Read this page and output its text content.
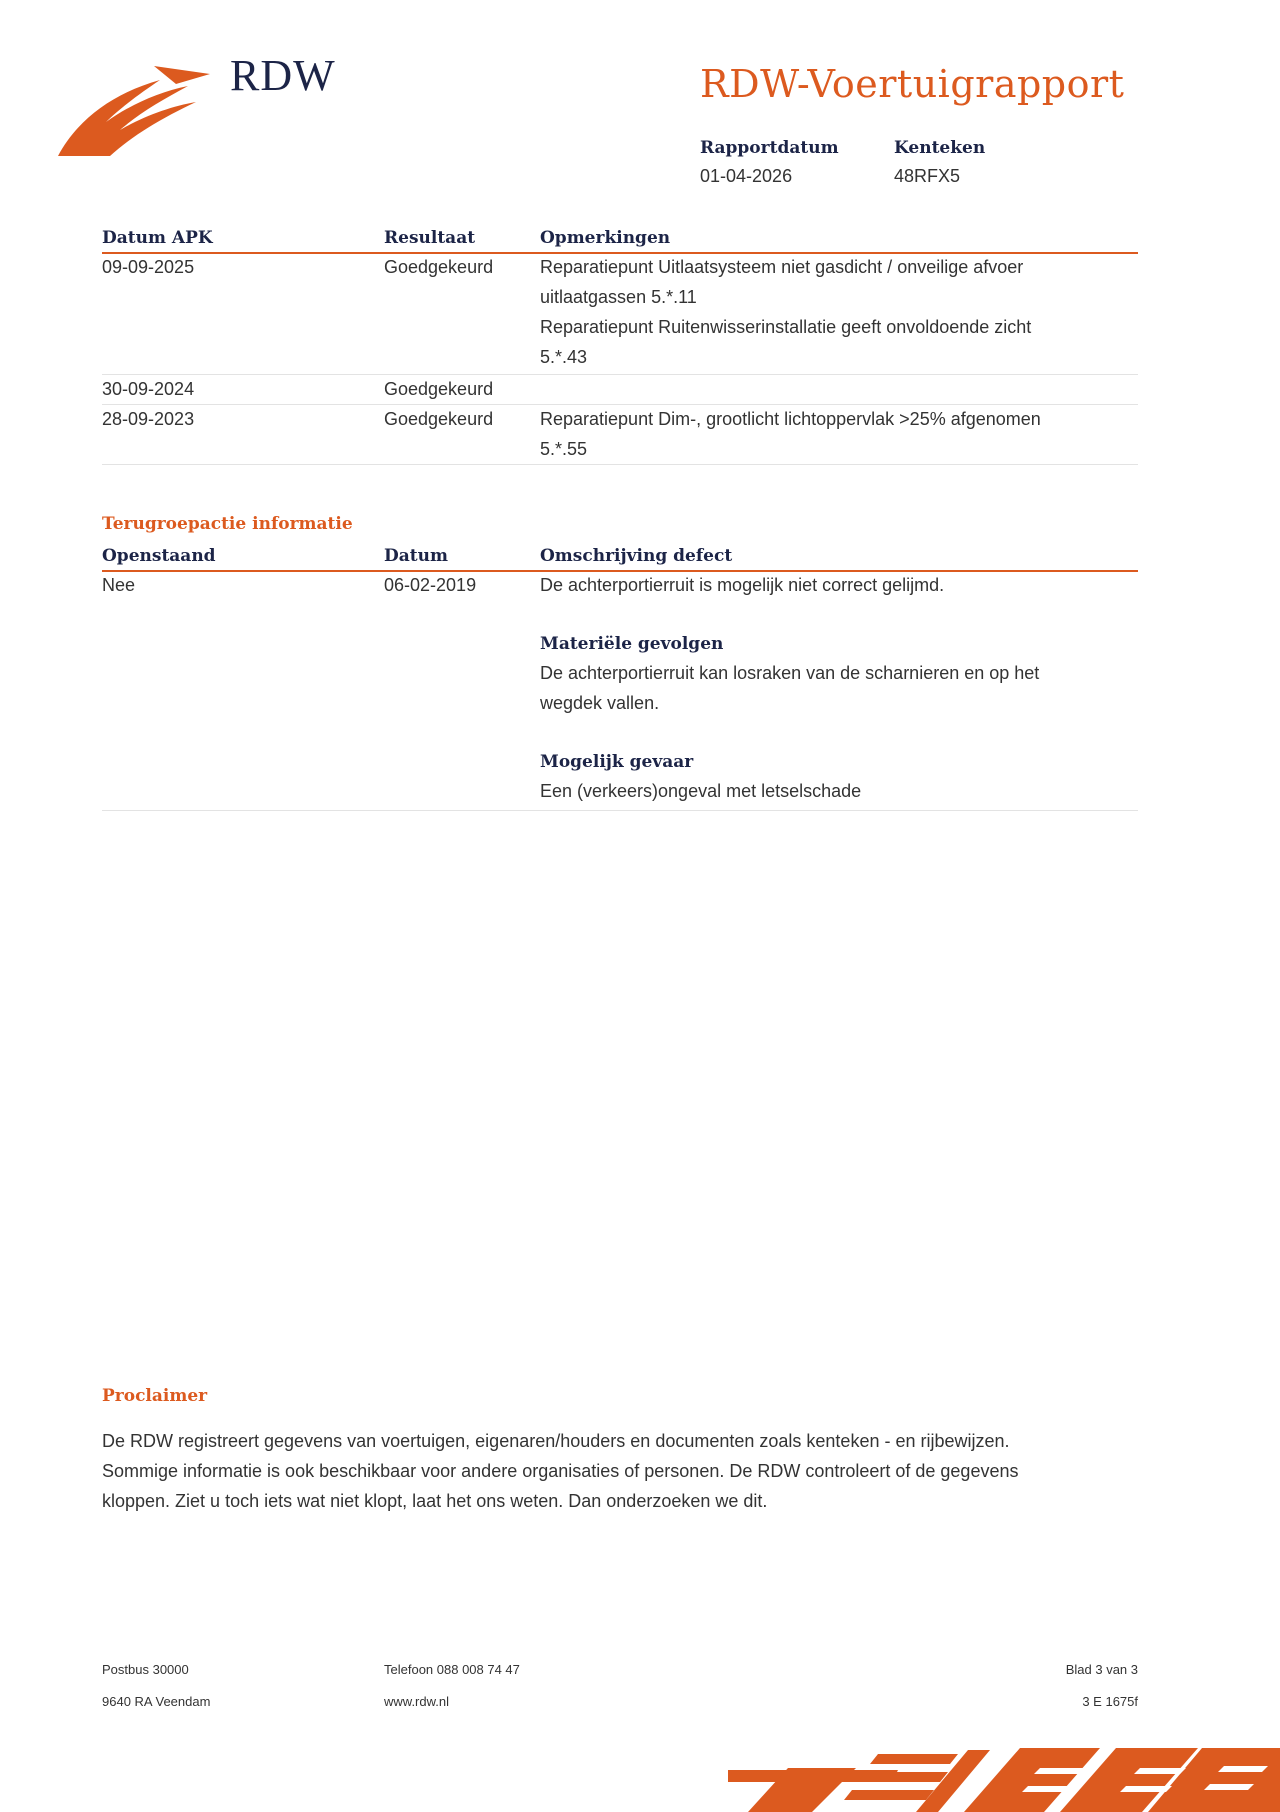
RDW	RDW-Voertuigrapport
Rapportdatum
01-04-2026
Kenteken
48RFX5
Datum APK	Resultaat	Opmerkingen
09-09-2025	Goedgekeurd	Reparatiepunt Uitlaatsysteem niet gasdicht / onveilige afvoer
uitlaatgassen 5.*.11
Reparatiepunt Ruitenwisserinstallatie geeft onvoldoende zicht
5.*.43
30-09-2024	Goedgekeurd
28-09-2023	Goedgekeurd	Reparatiepunt Dim-, grootlicht lichtoppervlak >25% afgenomen
5.*.55
Terugroepactie informatie
Openstaand	Datum	Omschrijving defect
Nee	06-02-2019	De achterportierruit is mogelijk niet correct gelijmd.
Materiële gevolgen
De achterportierruit kan losraken van de scharnieren en op het
wegdek vallen.
Mogelijk gevaar
Een (verkeers)ongeval met letselschade
Proclaimer
De RDW registreert gegevens van voertuigen, eigenaren/houders en documenten zoals kenteken - en rijbewijzen.
Sommige informatie is ook beschikbaar voor andere organisaties of personen. De RDW controleert of de gegevens
kloppen. Ziet u toch iets wat niet klopt, laat het ons weten. Dan onderzoeken we dit.
Postbus 30000
9640 RA Veendam
Telefoon 088 008 74 47
www.rdw.nl
Blad 3 van 3
3 E 1675f
